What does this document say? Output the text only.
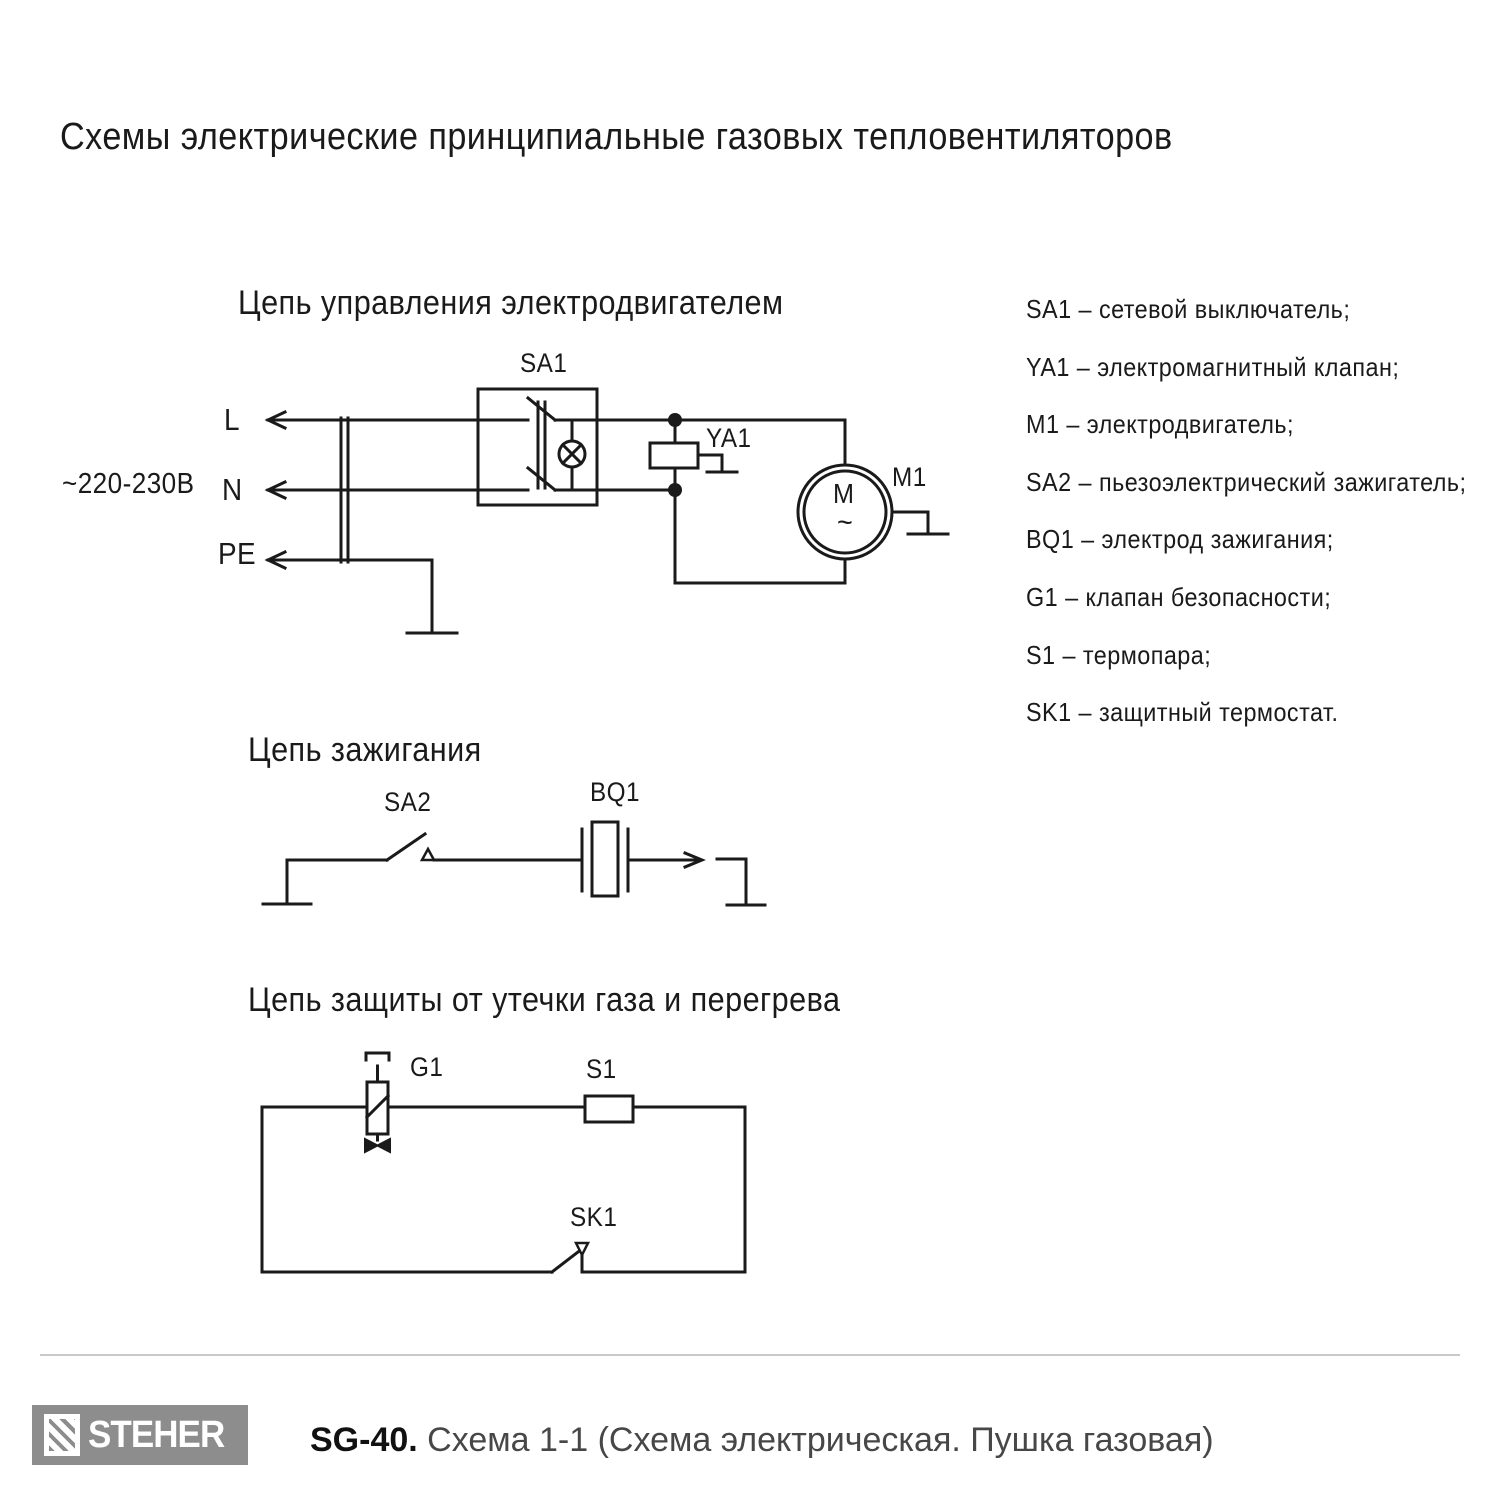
Схемы электрические принципиальные газовых тепловентиляторов
Цепь управления электродвигателем
Цепь зажигания
Цепь защиты от утечки газа и перегрева
~220-230В
L
N
PE
SA1
YA1
M1
M
~
SA2	BQ1
G1	S1
SK1
SA1 – сетевой выключатель;
YA1 – электромагнитный клапан;
M1 – электродвигатель;
SA2 – пьезоэлектрический зажигатель;
BQ1 – электрод зажигания;
G1 – клапан безопасности;
S1 – термопара;
SK1 – защитный термостат.
STEHER	SG-40. Схема 1-1 (Схема электрическая. Пушка газовая)
